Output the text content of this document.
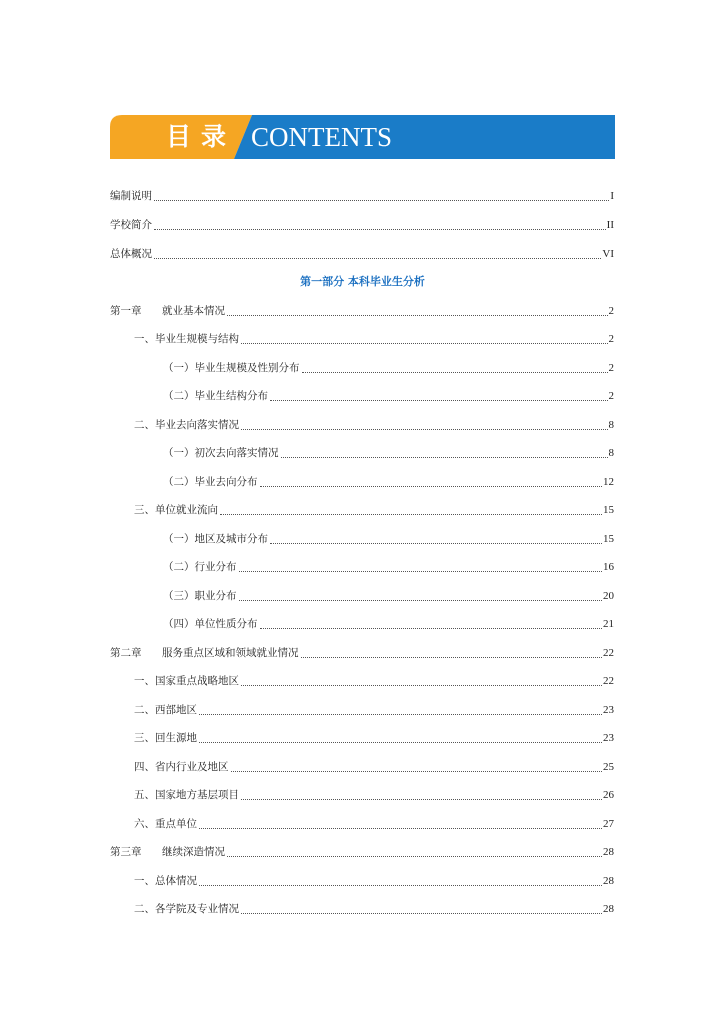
目录 CONTENTS
编制说明	I
学校简介	II
总体概况	VI
第一部分 本科毕业生分析
第一章 就业基本情况	2
一、毕业生规模与结构	2
（一）毕业生规模及性别分布	2
（二）毕业生结构分布	2
二、毕业去向落实情况	8
（一）初次去向落实情况	8
（二）毕业去向分布	12
三、单位就业流向	15
（一）地区及城市分布	15
（二）行业分布	16
（三）职业分布	20
（四）单位性质分布	21
第二章 服务重点区域和领域就业情况	22
一、国家重点战略地区	22
二、西部地区	23
三、回生源地	23
四、省内行业及地区	25
五、国家地方基层项目	26
六、重点单位	27
第三章 继续深造情况	28
一、总体情况	28
二、各学院及专业情况	28
